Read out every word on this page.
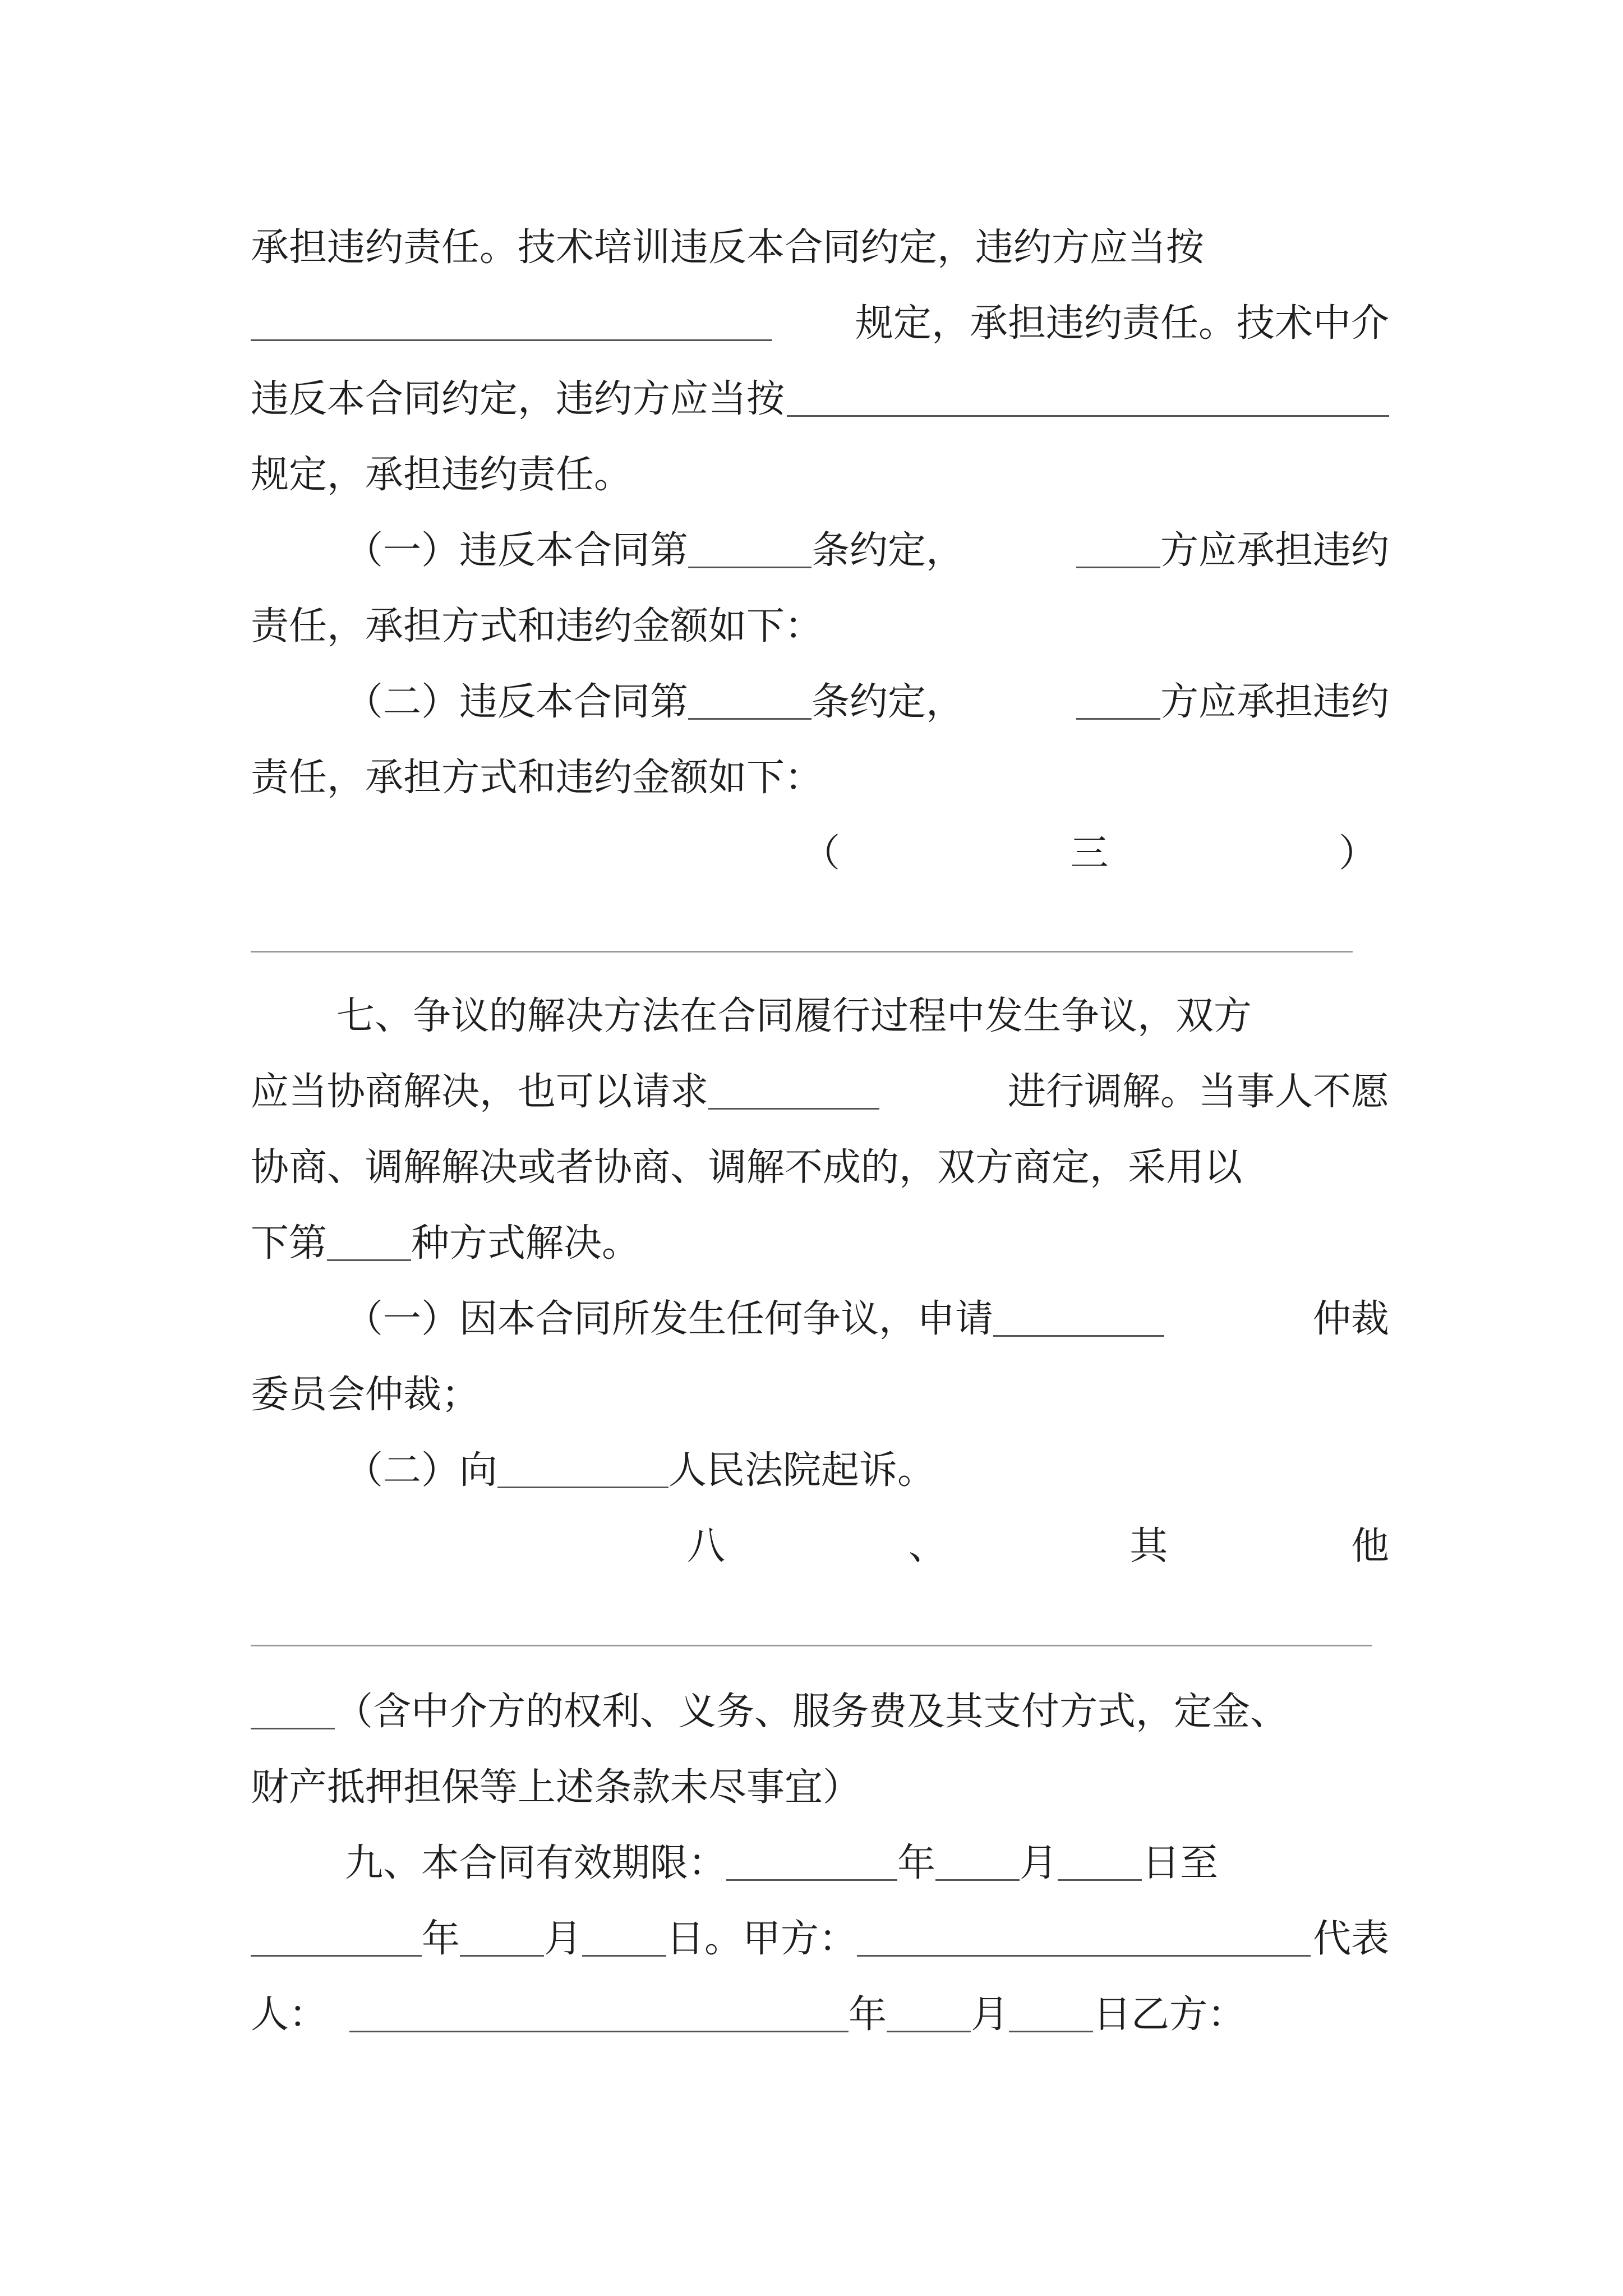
承担违约责任。技术培训违反本合同约定，违约方应当按
规定，承担违约责任。技术中介
违反本合同约定，违约方应当按
规定，承担违约责任。
（一）违反本合同第	条约定，	方应承担违约
责任，承担方式和违约金额如下：
（二）违反本合同第	条约定，	方应承担违约
责任，承担方式和违约金额如下：
（	三	）
七、争议的解决方法在合同履行过程中发生争议，双方
应当协商解决，也可以请求	进行调解。当事人不愿
协商、调解解决或者协商、调解不成的，双方商定，采用以
下第 种方式解决。
（一）因本合同所发生任何争议，申请	仲裁
委员会仲裁；
（二）向	人民法院起诉。
八	、	其	他
（含中介方的权利、义务、服务费及其支付方式，定金、
财产抵押担保等上述条款未尽事宜）
九、本合同有效期限：	年 月 日至
年 月 日。甲方：	代表
人：	年 月 日乙方：
